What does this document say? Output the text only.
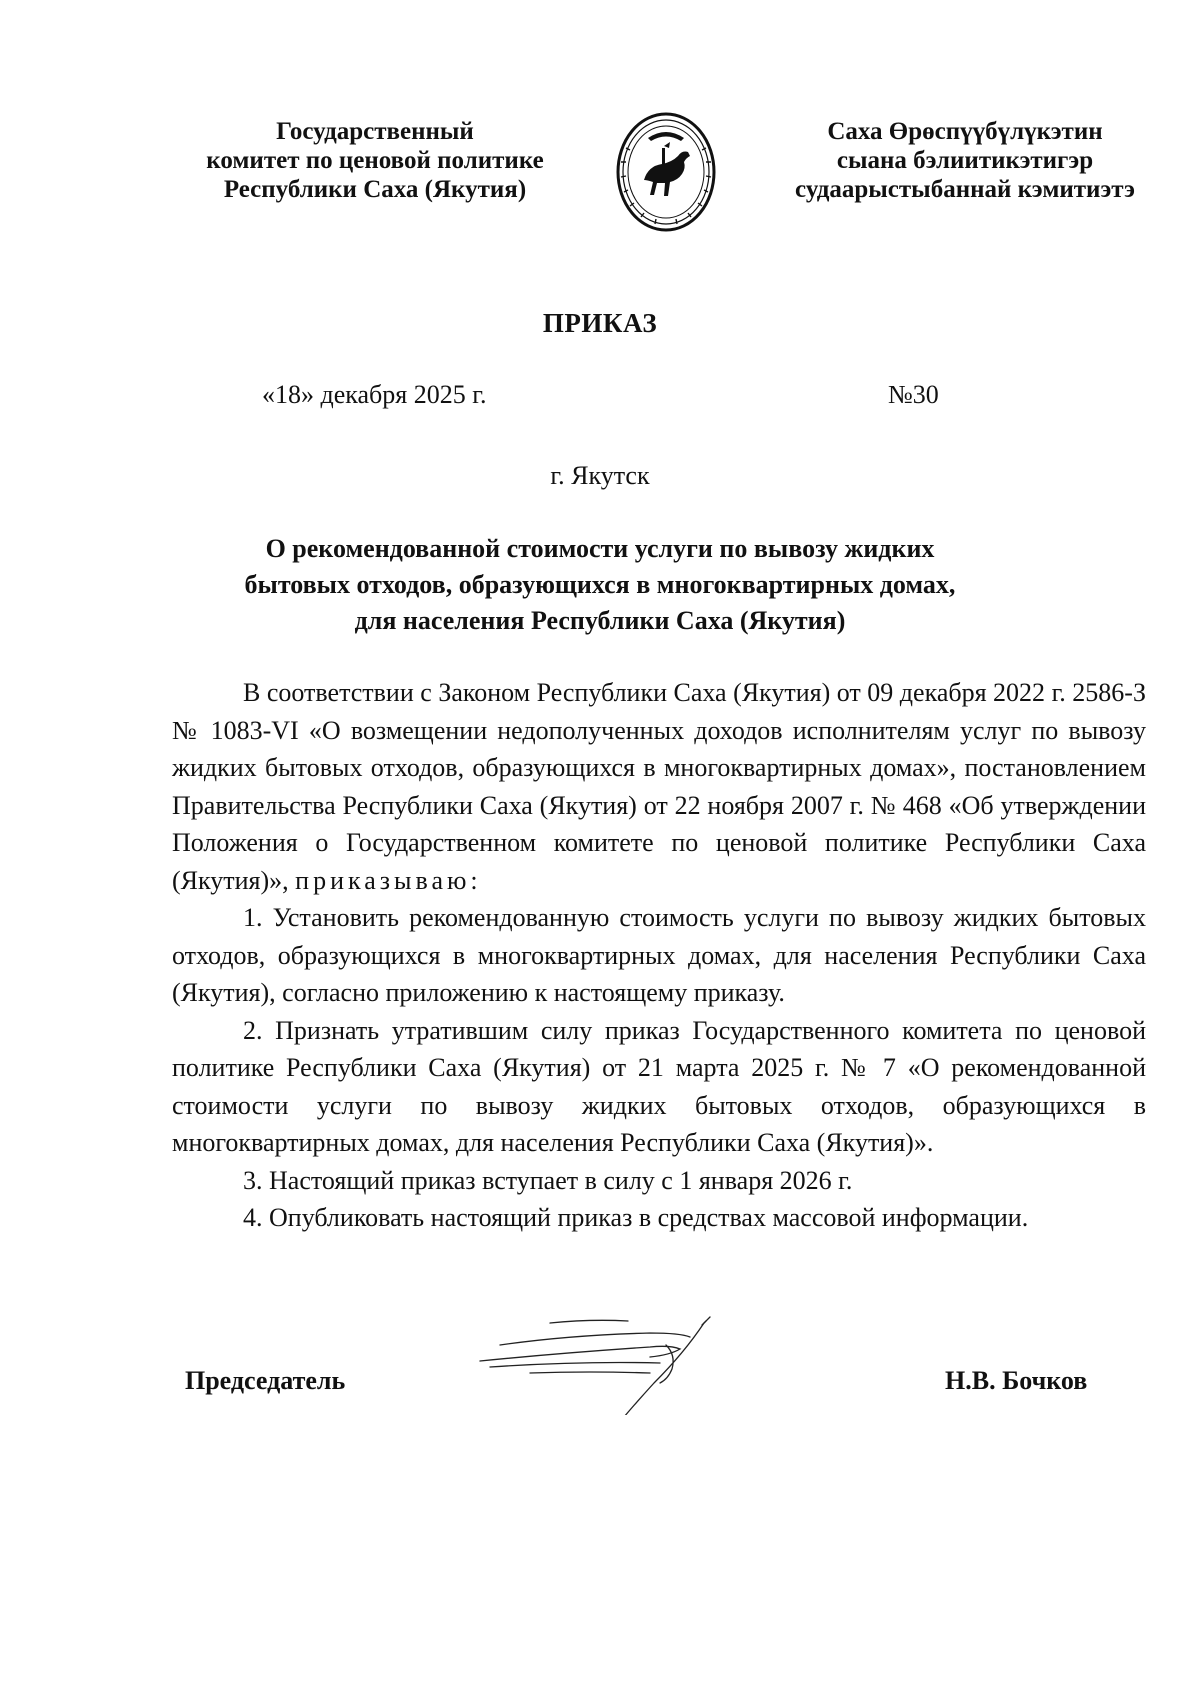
Государственный
комитет по ценовой политике
Республики Саха (Якутия)
Саха Өрөспүүбүлүкэтин
сыана бэлиитикэтигэр
судаарыстыбаннай кэмитиэтэ
ПРИКАЗ
«18» декабря 2025 г.	№30
г. Якутск
О рекомендованной стоимости услуги по вывозу жидких
бытовых отходов, образующихся в многоквартирных домах,
для населения Республики Саха (Якутия)

В соответствии с Законом Республики Саха (Якутия) от 09 декабря 2022 г. 2586-З № 1083-VI «О возмещении недополученных доходов исполнителям услуг по вывозу жидких бытовых отходов, образующихся в многоквартирных домах», постановлением Правительства Республики Саха (Якутия) от 22 ноября 2007 г. № 468 «Об утверждении Положения о Государственном комитете по ценовой политике Республики Саха (Якутия)», приказываю:

1. Установить рекомендованную стоимость услуги по вывозу жидких бытовых отходов, образующихся в многоквартирных домах, для населения Республики Саха (Якутия), согласно приложению к настоящему приказу.

2. Признать утратившим силу приказ Государственного комитета по ценовой политике Республики Саха (Якутия) от 21 марта 2025 г. № 7 «О рекомендованной стоимости услуги по вывозу жидких бытовых отходов, образующихся в многоквартирных домах, для населения Республики Саха (Якутия)».

3. Настоящий приказ вступает в силу с 1 января 2026 г.

4. Опубликовать настоящий приказ в средствах массовой информации.

Председатель	Н.В. Бочков
